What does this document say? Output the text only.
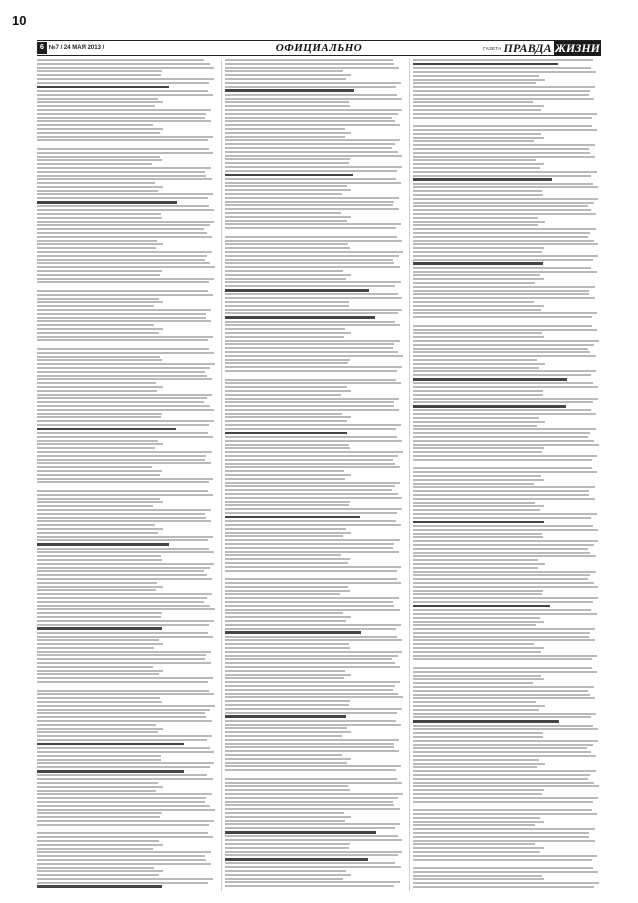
10
6 №7 / 24 МАЯ 2013 /	ОФИЦИАЛЬНО	ГАЗЕТА ПРАВДА ЖИЗНИ
